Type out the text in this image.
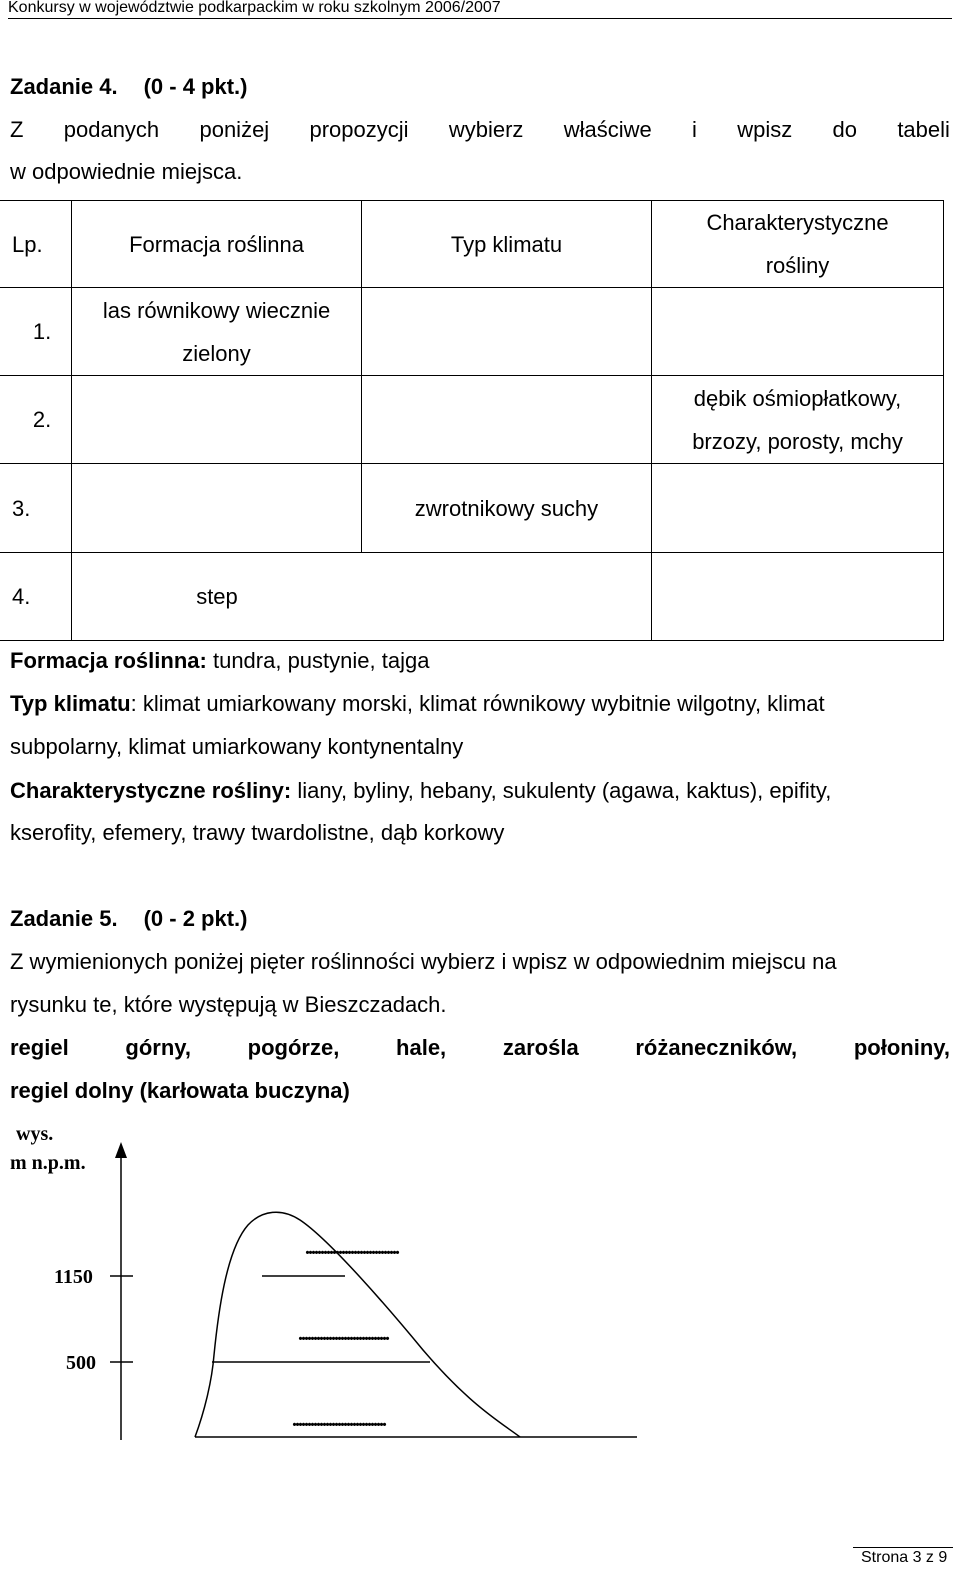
Konkursy w województwie podkarpackim w roku szkolnym 2006/2007
Zadanie 4. (0 - 4 pkt.)
Z podanych poniżej propozycji wybierz właściwe i wpisz do tabeli
w odpowiednie miejsca.
Lp.	Formacja roślinna	Typ klimatu	Charakterystyczne
rośliny

1.	las równikowy wiecznie
zielony		

2.			dębik ośmiopłatkowy,
brzozy, porosty, mchy

3.		zwrotnikowy suchy	
4.	step		
Formacja roślinna: tundra, pustynie, tajga
Typ klimatu: klimat umiarkowany morski, klimat równikowy wybitnie wilgotny, klimat
subpolarny, klimat umiarkowany kontynentalny
Charakterystyczne rośliny: liany, byliny, hebany, sukulenty (agawa, kaktus), epifity,
kserofity, efemery, trawy twardolistne, dąb korkowy
Zadanie 5. (0 - 2 pkt.)
Z wymienionych poniżej pięter roślinności wybierz i wpisz w odpowiednim miejscu na
rysunku te, które występują w Bieszczadach.
regiel	górny,	pogórze,	hale,	zarośla	różaneczników,	połoniny,
regiel dolny (karłowata buczyna)
wys.
m n.p.m.
1150
500
...............................
..............................
...............................
Strona 3 z 9
